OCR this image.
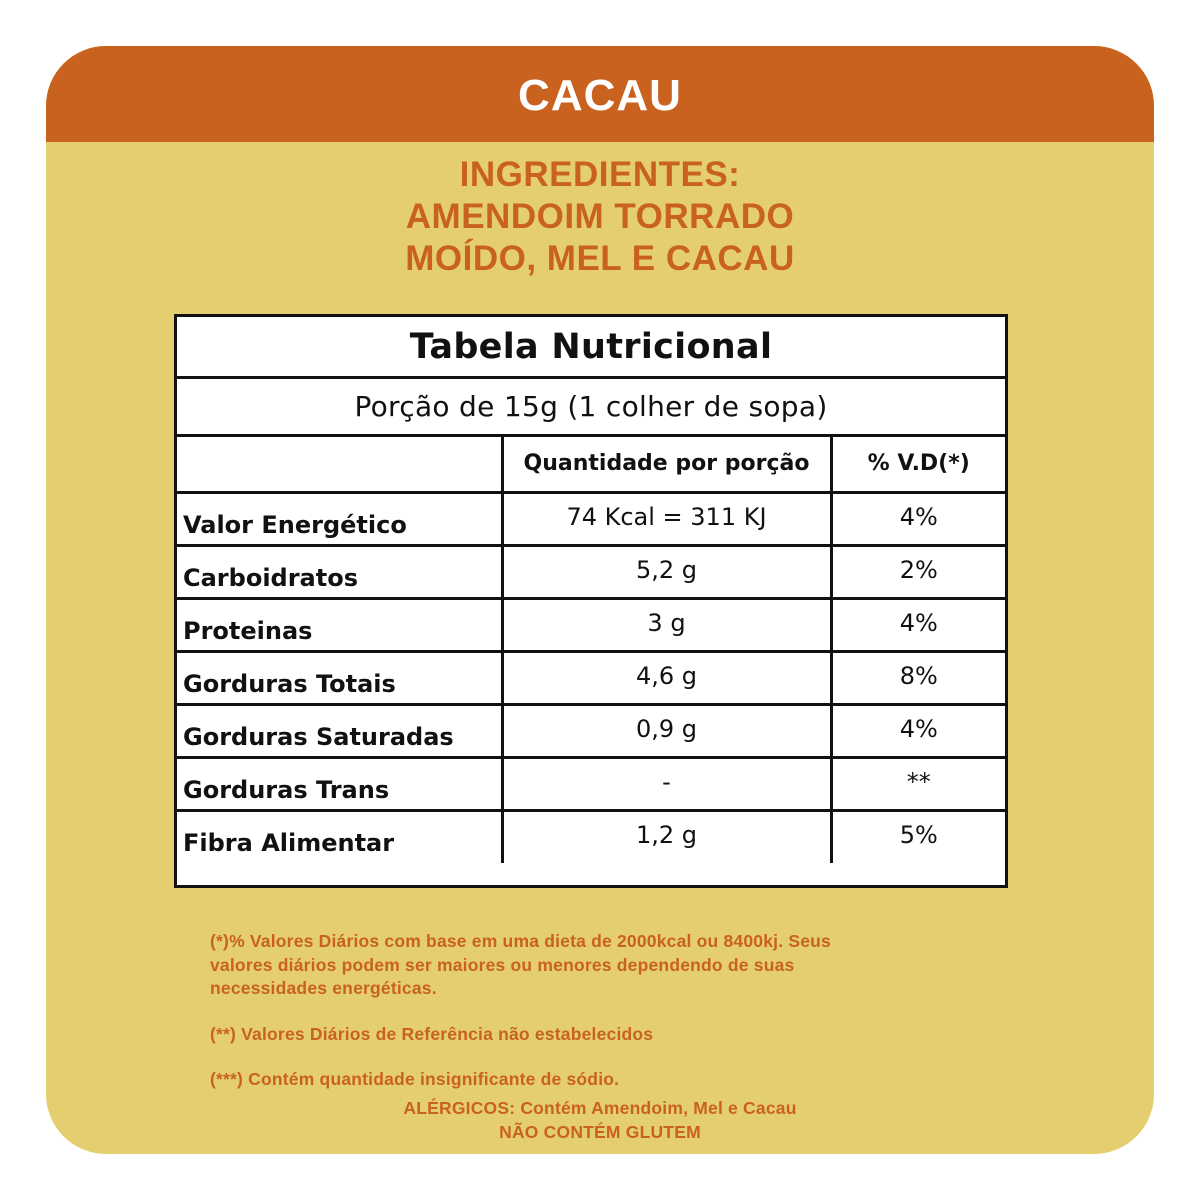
CACAU
INGREDIENTES:
AMENDOIM TORRADO
MOÍDO, MEL E CACAU
Tabela Nutricional
Porção de 15g (1 colher de sopa)
	Quantidade por porção	% V.D(*)
Valor Energético	74 Kcal = 311 KJ	4%
Carboidratos	5,2 g	2%
Proteinas	3 g	4%
Gorduras Totais	4,6 g	8%
Gorduras Saturadas	0,9 g	4%
Gorduras Trans	-	**
Fibra Alimentar	1,2 g	5%

(*)% Valores Diários com base em uma dieta de 2000kcal ou 8400kj. Seus
valores diários podem ser maiores ou menores dependendo de suas
necessidades energéticas.

(**) Valores Diários de Referência não estabelecidos

(***) Contém quantidade insignificante de sódio.

ALÉRGICOS: Contém Amendoim, Mel e Cacau
NÃO CONTÉM GLUTEM
